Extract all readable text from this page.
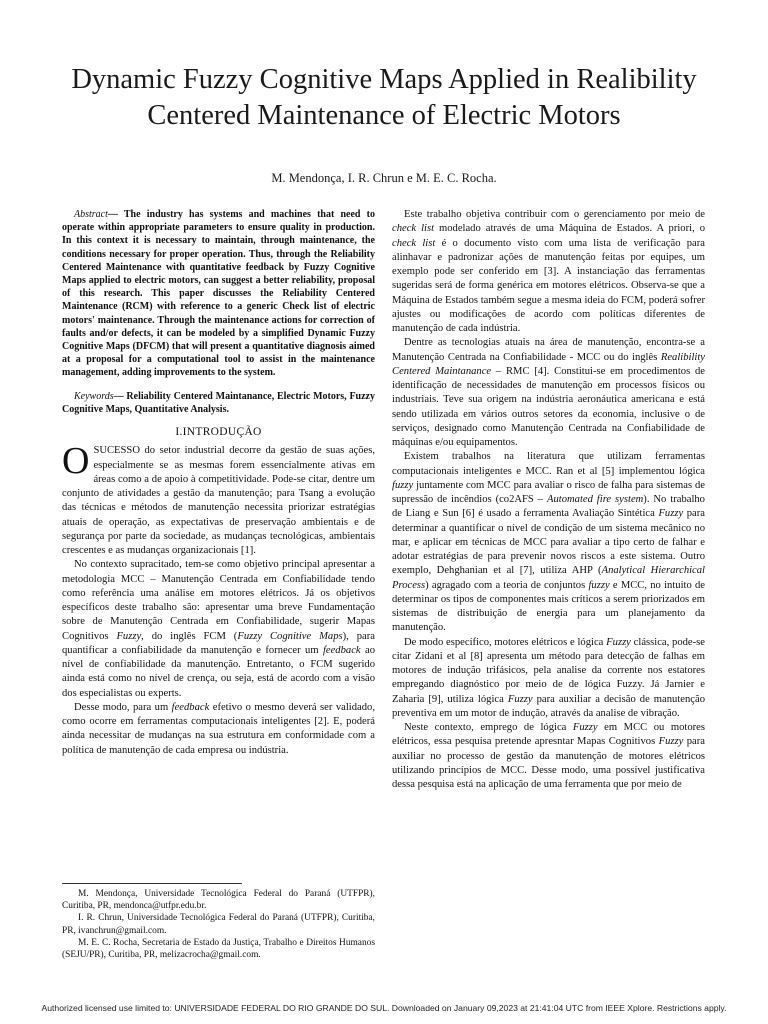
Dynamic Fuzzy Cognitive Maps Applied in Realibility Centered Maintenance of Electric Motors
M. Mendonça, I. R. Chrun e M. E. C. Rocha.

Abstract— The industry has systems and machines that need to operate within appropriate parameters to ensure quality in production. In this context it is necessary to maintain, through maintenance, the conditions necessary for proper operation. Thus, through the Reliability Centered Maintenance with quantitative feedback by Fuzzy Cognitive Maps applied to electric motors, can suggest a better reliability, proposal of this research. This paper discusses the Reliability Centered Maintenance (RCM) with reference to a generic Check list of electric motors' maintenance. Through the maintenance actions for correction of faults and/or defects, it can be modeled by a simplified Dynamic Fuzzy Cognitive Maps (DFCM) that will present a quantitative diagnosis aimed at a proposal for a computational tool to assist in the maintenance management, adding improvements to the system.

Keywords— Reliability Centered Maintanance, Electric Motors, Fuzzy Cognitive Maps, Quantitative Analysis.

I.INTRODUÇÃO

OSUCESSO do setor industrial decorre da gestão de suas ações, especialmente se as mesmas forem essencialmente ativas em áreas como a de apoio à competitividade. Pode-se citar, dentre um conjunto de atividades a gestão da manutenção; para Tsang a evolução das técnicas e métodos de manutenção necessita priorizar estratégias atuais de operação, as expectativas de preservação ambientais e de segurança por parte da sociedade, as mudanças tecnológicas, ambientais crescentes e as mudanças organizacionais [1].

No contexto supracitado, tem-se como objetivo principal apresentar a metodologia MCC – Manutenção Centrada em Confiabilidade tendo como referência uma análise em motores elétricos. Já os objetivos específicos deste trabalho são: apresentar uma breve Fundamentação sobre de Manutenção Centrada em Confiabilidade, sugerir Mapas Cognitivos Fuzzy, do inglês FCM (Fuzzy Cognitive Maps), para quantificar a confiabilidade da manutenção e fornecer um feedback ao nível de confiabilidade da manutenção. Entretanto, o FCM sugerido ainda está como no nível de crença, ou seja, está de acordo com a visão dos especialistas ou experts.

Desse modo, para um feedback efetivo o mesmo deverá ser validado, como ocorre em ferramentas computacionais inteligentes [2]. E, poderá ainda necessitar de mudanças na sua estrutura em conformidade com a política de manutenção de cada empresa ou indústria.

M. Mendonça, Universidade Tecnológica Federal do Paraná (UTFPR), Curitiba, PR, mendonca@utfpr.edu.br.

I. R. Chrun, Universidade Tecnológica Federal do Paraná (UTFPR), Curitiba, PR, ivanchrun@gmail.com.

M. E. C. Rocha, Secretaria de Estado da Justiça, Trabalho e Direitos Humanos (SEJU/PR), Curitiba, PR, melizacrocha@gmail.com.

Este trabalho objetiva contribuir com o gerenciamento por meio de check list modelado através de uma Máquina de Estados. A priori, o check list é o documento visto com uma lista de verificação para alinhavar e padronizar ações de manutenção feitas por equipes, um exemplo pode ser conferido em [3]. A instanciação das ferramentas sugeridas será de forma genérica em motores elétricos. Observa-se que a Máquina de Estados também segue a mesma ideia do FCM, poderá sofrer ajustes ou modificações de acordo com políticas diferentes de manutenção de cada indústria.

Dentre as tecnologias atuais na área de manutenção, encontra-se a Manutenção Centrada na Confiabilidade - MCC ou do inglês Realibility Centered Maintanance – RMC [4]. Constitui-se em procedimentos de identificação de necessidades de manutenção em processos físicos ou industriais. Teve sua origem na indústria aeronáutica americana e está sendo utilizada em vários outros setores da economia, inclusive o de serviços, designado como Manutenção Centrada na Confiabilidade de máquinas e/ou equipamentos.

Existem trabalhos na literatura que utilizam ferramentas computacionais inteligentes e MCC. Ran et al [5] implementou lógica fuzzy juntamente com MCC para avaliar o risco de falha para sistemas de supressão de incêndios (co2AFS – Automated fire system). No trabalho de Liang e Sun [6] é usado a ferramenta Avaliação Sintética Fuzzy para determinar a quantificar o nível de condição de um sistema mecânico no mar, e aplicar em técnicas de MCC para avaliar a tipo certo de falhar e adotar estratégias de para prevenir novos riscos a este sistema. Outro exemplo, Dehghanian et al [7], utiliza AHP (Analytical Hierarchical Process) agragado com a teoria de conjuntos fuzzy e MCC, no intuito de determinar os tipos de componentes mais críticos a serem priorizados em sistemas de distribuição de energia para um planejamento da manutenção.

De modo específico, motores elétricos e lógica Fuzzy clássica, pode-se citar Zidani et al [8] apresenta um método para detecção de falhas em motores de indução trifásicos, pela analise da corrente nos estatores empregando diagnóstico por meio de de lógica Fuzzy. Já Jarnier e Zaharia [9], utiliza lógica Fuzzy para auxiliar a decisão de manutenção preventiva em um motor de indução, através da analise de vibração.

Neste contexto, emprego de lógica Fuzzy em MCC ou motores elétricos, essa pesquisa pretende apresntar Mapas Cognitivos Fuzzy para auxiliar no processo de gestão da manutenção de motores elétricos utilizando princípios de MCC. Desse modo, uma possível justificativa dessa pesquisa está na aplicação de uma ferramenta que por meio de

Authorized licensed use limited to: UNIVERSIDADE FEDERAL DO RIO GRANDE DO SUL. Downloaded on January 09,2023 at 21:41:04 UTC from IEEE Xplore. Restrictions apply.
